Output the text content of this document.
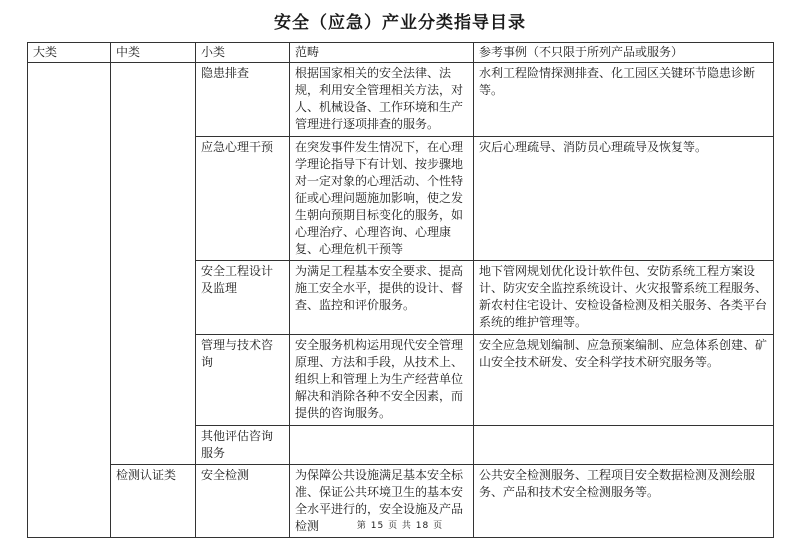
安全（应急）产业分类指导目录
大类	中类	小类	范畴	参考事例（不只限于所列产品或服务）
		隐患排查	根据国家相关的安全法律、法规，利用安全管理相关方法，对人、机械设备、工作环境和生产管理进行逐项排查的服务。	水利工程险情探测排查、化工园区关键环节隐患诊断等。
		应急心理干预	在突发事件发生情况下，在心理学理论指导下有计划、按步骤地对一定对象的心理活动、个性特征或心理问题施加影响，使之发生朝向预期目标变化的服务，如心理治疗、心理咨询、心理康复、心理危机干预等	灾后心理疏导、消防员心理疏导及恢复等。
		安全工程设计及监理	为满足工程基本安全要求、提高施工安全水平，提供的设计、督查、监控和评价服务。	地下管网规划优化设计软件包、安防系统工程方案设计、防灾安全监控系统设计、火灾报警系统工程服务、新农村住宅设计、安检设备检测及相关服务、各类平台系统的维护管理等。
		管理与技术咨询	安全服务机构运用现代安全管理原理、方法和手段，从技术上、组织上和管理上为生产经营单位解决和消除各种不安全因素，而提供的咨询服务。	安全应急规划编制、应急预案编制、应急体系创建、矿山安全技术研发、安全科学技术研究服务等。
		其他评估咨询服务		
	检测认证类	安全检测	为保障公共设施满足基本安全标准、保证公共环境卫生的基本安全水平进行的，安全设施及产品检测	公共安全检测服务、工程项目安全数据检测及测绘服务、产品和技术安全检测服务等。
第 15 页 共 18 页
